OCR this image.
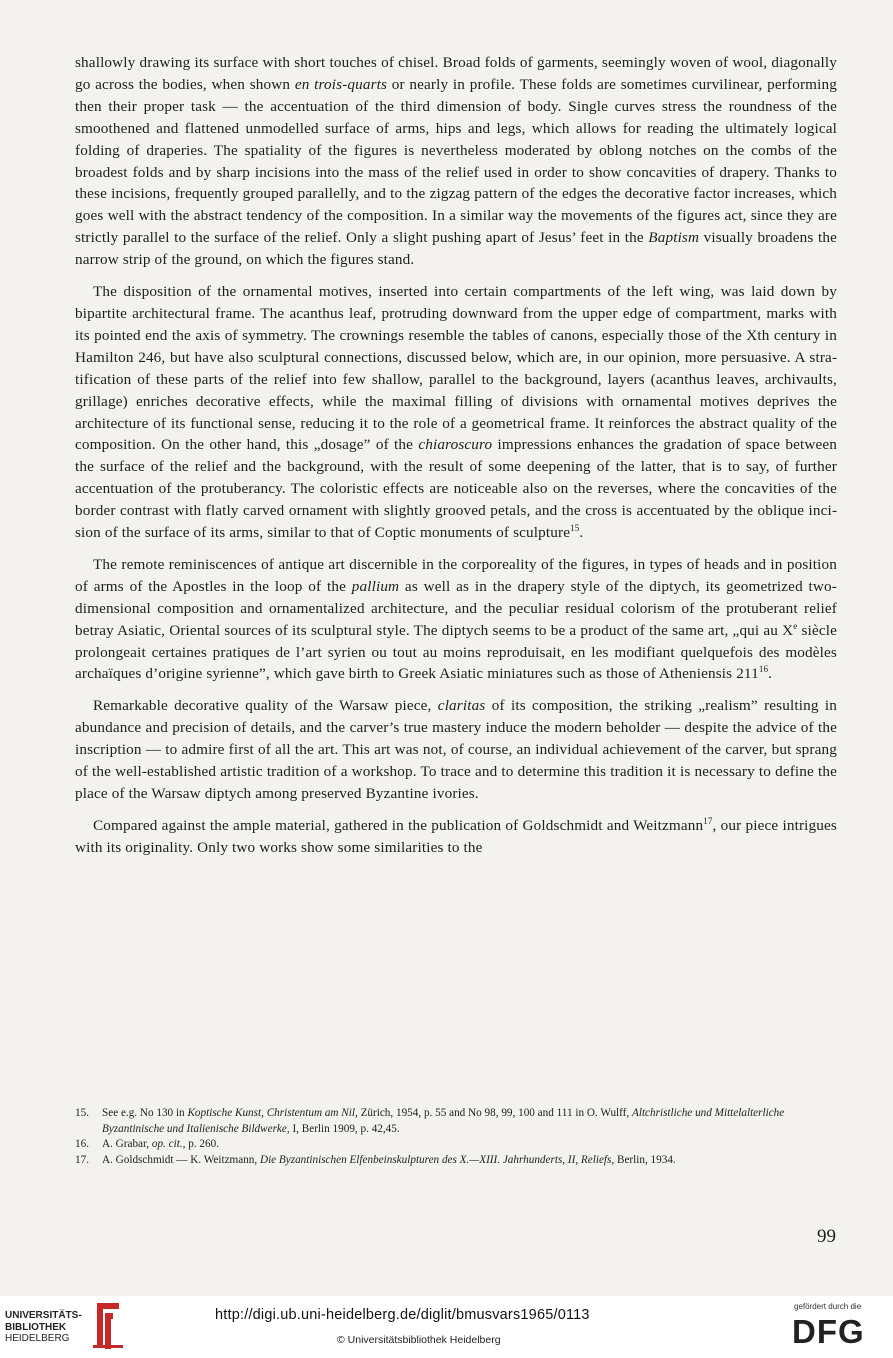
shallowly drawing its surface with short touches of chisel. Broad folds of garments, seemingly woven of wool, diagonally go across the bodies, when shown en trois-quarts or nearly in profile. These folds are sometimes curvilinear, performing then their proper task — the accentuation of the third dimension of body. Single curves stress the roundness of the smoothened and flattened unmodelled surface of arms, hips and legs, which allows for reading the ultimately logical folding of draperies. The spatiality of the figures is nevertheless moderated by oblong notches on the combs of the broadest folds and by sharp incisions into the mass of the relief used in order to show concavities of drapery. Thanks to these incisions, frequently grouped parallelly, and to the zigzag pattern of the edges the decorative factor increases, which goes well with the abstract tendency of the composition. In a similar way the movements of the figures act, since they are strictly parallel to the surface of the relief. Only a slight pushing apart of Jesus’ feet in the Baptism visually broadens the narrow strip of the ground, on which the figures stand.

The disposition of the ornamental motives, inserted into certain compartments of the left wing, was laid down by bipartite architectural frame. The acanthus leaf, protruding downward from the upper edge of compartment, marks with its pointed end the axis of symmetry. The crownings resemble the tables of canons, especially those of the Xth century in Hamilton 246, but have also sculptural connections, discussed below, which are, in our opinion, more persuasive. A stratification of these parts of the relief into few shallow, parallel to the background, layers (acanthus leaves, archivaults, grillage) enriches decorative effects, while the maximal filling of divisions with ornamental motives deprives the architecture of its functional sense, reducing it to the role of a geometrical frame. It reinforces the abstract quality of the composition. On the other hand, this „dosage” of the chiaroscuro impressions enhances the gradation of space between the surface of the relief and the background, with the result of some deepening of the latter, that is to say, of further accentuation of the protuberancy. The coloristic effects are noticeable also on the reverses, where the concavities of the border contrast with flatly carved ornament with slightly grooved petals, and the cross is accentuated by the oblique incision of the surface of its arms, similar to that of Coptic monuments of sculpture$^{15}$.

The remote reminiscences of antique art discernible in the corporeality of the figures, in types of heads and in position of arms of the Apostles in the loop of the pallium as well as in the drapery style of the diptych, its geometrized two-dimensional composition and ornamentalized architecture, and the peculiar residual colorism of the protuberant relief betray Asiatic, Oriental sources of its sculptural style. The diptych seems to be a product of the same art, „qui au Xe siècle prolongeait certaines pratiques de l’art syrien ou tout au moins reproduisait, en les modifiant quelquefois des modèles archaïques d’origine syrienne”, which gave birth to Greek Asiatic miniatures such as those of Atheniensis $211^{16}$.

Remarkable decorative quality of the Warsaw piece, claritas of its composition, the striking „realism” resulting in abundance and precision of details, and the carver’s true mastery induce the modern beholder — despite the advice of the inscription — to admire first of all the art. This art was not, of course, an individual achievement of the carver, but sprang of the well-established artistic tradition of a workshop. To trace and to determine this tradition it is necessary to define the place of the Warsaw diptych among preserved Byzantine ivories.

Compared against the ample material, gathered in the publication of Goldschmidt and Weitzmann$^{17}$, our piece intrigues with its originality. Only two works show some similarities to the

15. See e.g. No 130 in Koptische Kunst, Christentum am Nil, Zürich, 1954, p. 55 and No 98, 99, 100 and 111 in O. Wulff, Altchristliche und Mittelalterliche Byzantinische und Italienische Bildwerke, I, Berlin 1909, p. 42,45.
16. A. Grabar, op. cit., p. 260.
17. A. Goldschmidt — K. Weitzmann, Die Byzantinischen Elfenbeinskulpturen des X.—XIII. Jahrhunderts, II, Reliefs, Berlin, 1934.
99
UNIVERSITÄTS-
BIBLIOTHEK
HEIDELBERG
http://digi.ub.uni-heidelberg.de/diglit/bmusvars1965/0113
© Universitätsbibliothek Heidelberg
gefördert durch die
DFG
